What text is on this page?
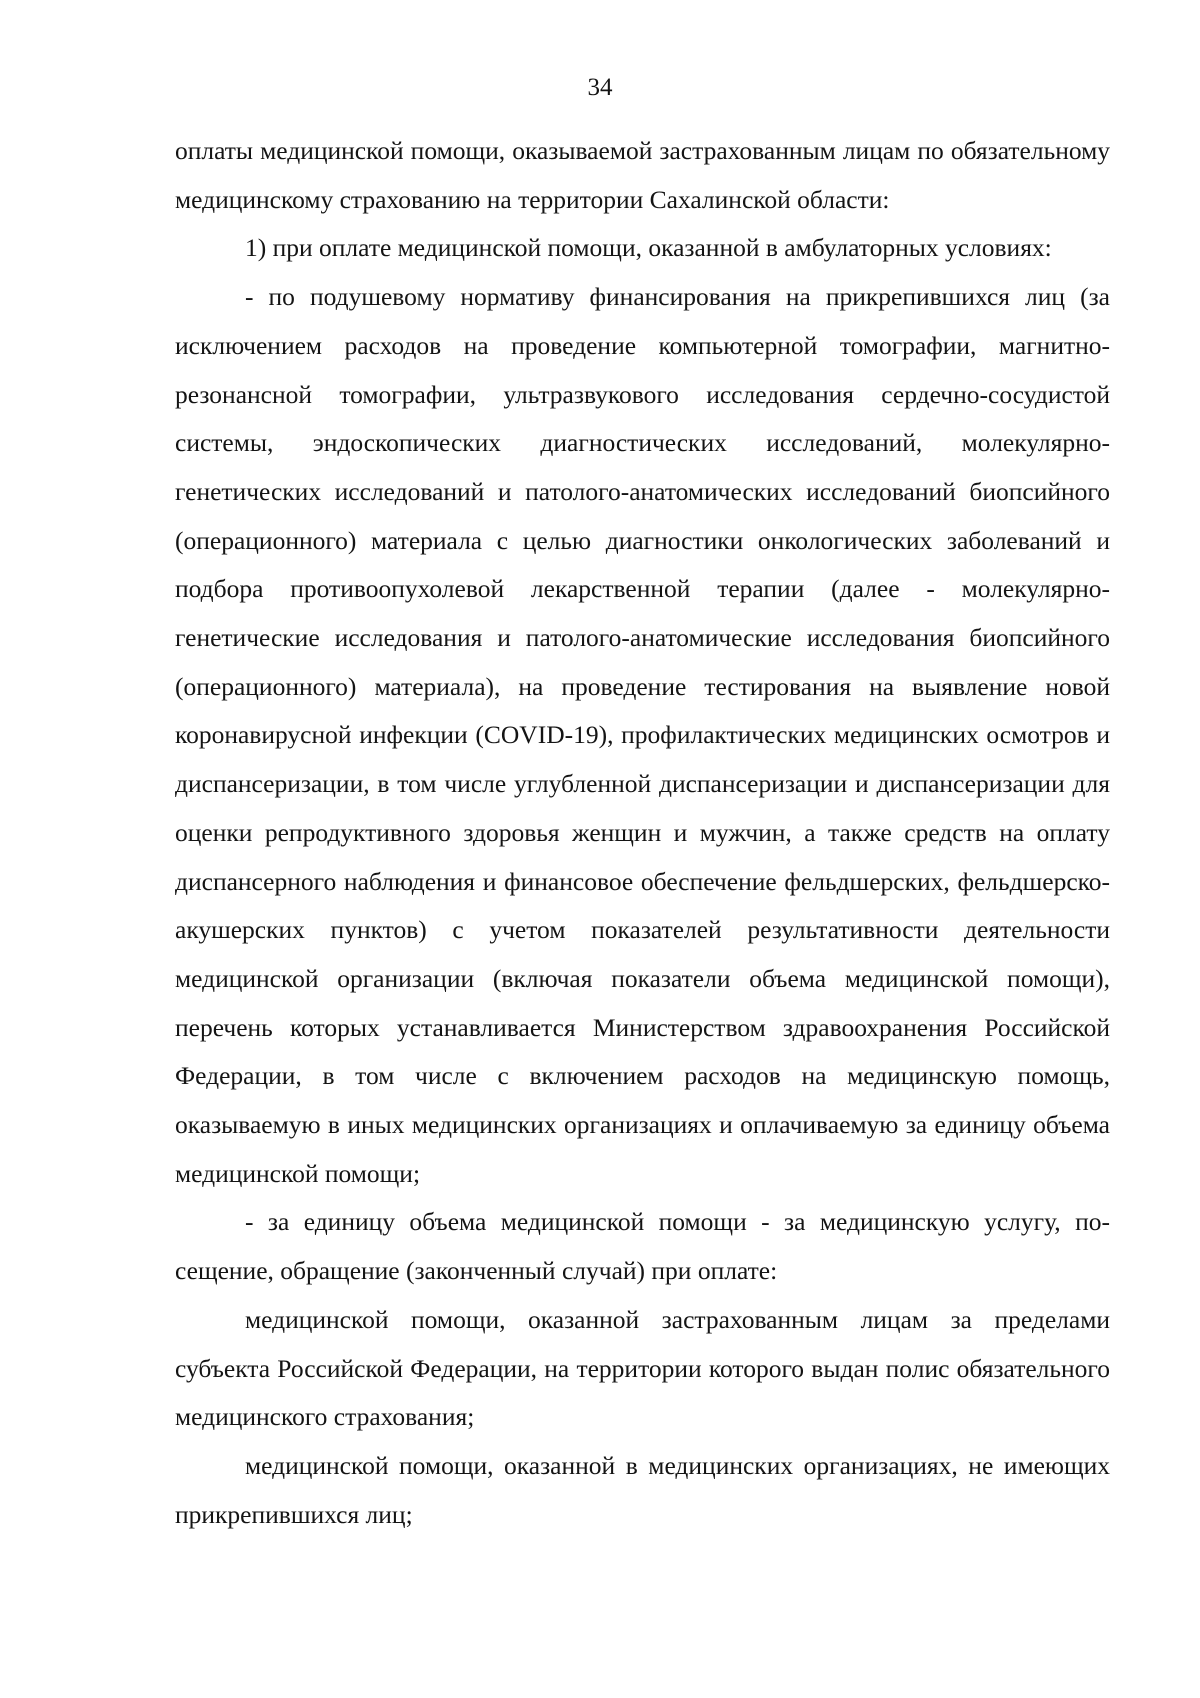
34

оплаты медицинской помощи, оказываемой застрахованным лицам по обязательному медицинскому страхованию на территории Сахалинской области:

1) при оплате медицинской помощи, оказанной в амбулаторных условиях:

- по подушевому нормативу финансирования на прикрепившихся лиц (за исключением расходов на проведение компьютерной томографии, магнитно-резонансной томографии, ультразвукового исследования сердечно-сосудистой системы, эндоскопических диагностических исследований, молекулярно-генетических исследований и патолого-анатомических исследований биопсийного (операционного) материала с целью диагностики онкологических заболеваний и подбора противоопухолевой лекарственной терапии (далее - молекулярно-генетические исследования и патолого-анатомические исследования биопсийного (операционного) материала), на проведение тестирования на выявление новой коронавирусной инфекции (COVID-19), профилактических медицинских осмотров и диспансеризации, в том числе углубленной диспансеризации и диспансеризации для оценки репродуктивного здоровья женщин и мужчин, а также средств на оплату диспансерного наблюдения и финансовое обеспечение фельдшерских, фельдшерско-акушерских пунктов) с учетом показателей результативности деятельности медицинской организации (включая показатели объема медицинской помощи), перечень которых устанавливается Министерством здравоохранения Российской Федерации, в том числе с включением расходов на медицинскую помощь, оказываемую в иных медицинских организациях и оплачиваемую за единицу объема медицинской помощи;

- за единицу объема медицинской помощи - за медицинскую услугу, посещение, обращение (законченный случай) при оплате:

медицинской помощи, оказанной застрахованным лицам за пределами субъекта Российской Федерации, на территории которого выдан полис обязательного медицинского страхования;

медицинской помощи, оказанной в медицинских организациях, не имеющих прикрепившихся лиц;
